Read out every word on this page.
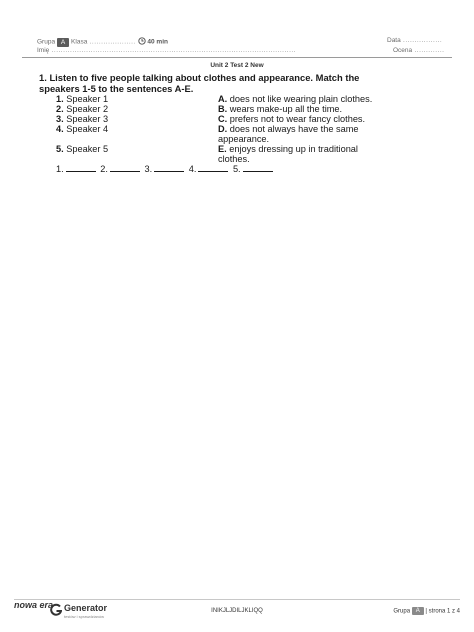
Grupa A Klasa .................... 40 min
Imię ..........................................................................................................
Data .................
Ocena .............
Unit 2 Test 2 New
1. Listen to five people talking about clothes and appearance. Match the speakers 1-5 to the sentences A-E.
1. Speaker 1	A. does not like wearing plain clothes.
2. Speaker 2	B. wears make-up all the time.
3. Speaker 3	C. prefers not to wear fancy clothes.
4. Speaker 4	D. does not always have the same appearance.
5. Speaker 5	E. enjoys dressing up in traditional clothes.
1.	2.	3.	4.	5.
nowa era Generator
testów i sprawdzianów
INIKJLJDILJKLIQQ	Grupa A | strona 1 z 4
